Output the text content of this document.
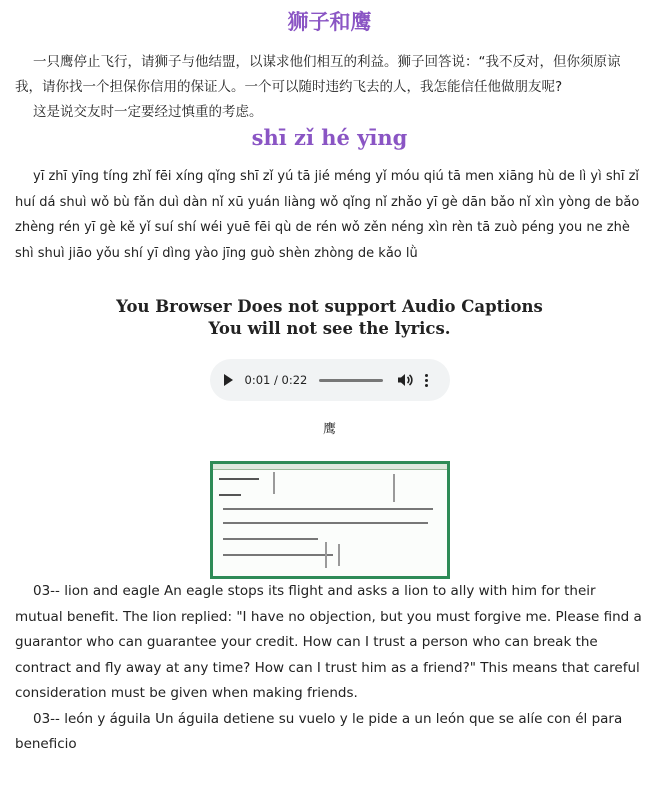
狮子和鹰

一只鹰停止飞行，请狮子与他结盟，以谋求他们相互的利益。狮子回答说：“我不反对，但你须原谅我，请你找一个担保你信用的保证人。一个可以随时违约飞去的人，我怎能信任他做朋友呢?

这是说交友时一定要经过慎重的考虑。

shī zǐ hé yīng

yī zhī yīng tíng zhǐ fēi xíng qǐng shī zǐ yú tā jié méng yǐ móu qiú tā men xiāng hù de lì yì shī zǐ huí dá shuì wǒ bù fǎn duì dàn nǐ xū yuán liàng wǒ qǐng nǐ zhǎo yī gè dān bǎo nǐ xìn yòng de bǎo zhèng rén yī gè kě yǐ suí shí wéi yuē fēi qù de rén wǒ zěn néng xìn rèn tā zuò péng you ne zhè shì shuì jiāo yǒu shí yī dìng yào jīng guò shèn zhòng de kǎo lǜ

You Browser Does not support Audio Captions
You will not see the lyrics.
0:01 / 0:22
鹰

03-- lion and eagle An eagle stops its flight and asks a lion to ally with him for their mutual benefit. The lion replied: "I have no objection, but you must forgive me. Please find a guarantor who can guarantee your credit. How can I trust a person who can break the contract and fly away at any time? How can I trust him as a friend?" This means that careful consideration must be given when making friends.

03-- león y águila Un águila detiene su vuelo y le pide a un león que se alíe con él para beneficio
